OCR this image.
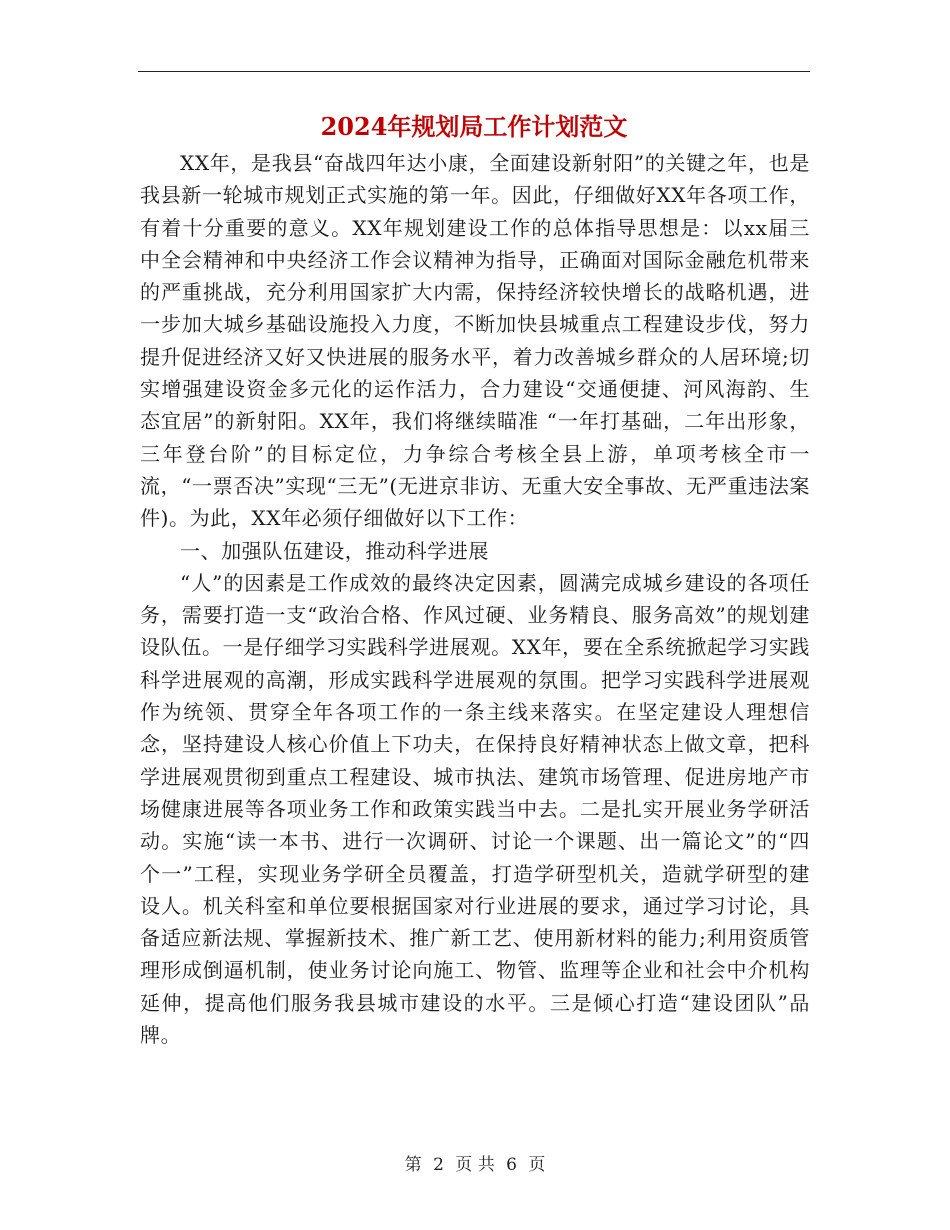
2024年规划局工作计划范文

XX年，是我县“奋战四年达小康，全面建设新射阳”的关键之年，也是我县新一轮城市规划正式实施的第一年。因此，仔细做好XX年各项工作，有着十分重要的意义。XX年规划建设工作的总体指导思想是：以xx届三中全会精神和中央经济工作会议精神为指导，正确面对国际金融危机带来的严重挑战，充分利用国家扩大内需，保持经济较快增长的战略机遇，进一步加大城乡基础设施投入力度，不断加快县城重点工程建设步伐，努力提升促进经济又好又快进展的服务水平，着力改善城乡群众的人居环境;切实增强建设资金多元化的运作活力，合力建设“交通便捷、河风海韵、生态宜居”的新射阳。XX年，我们将继续瞄准 “一年打基础，二年出形象，三年登台阶”的目标定位，力争综合考核全县上游，单项考核全市一流，“一票否决”实现“三无”(无进京非访、无重大安全事故、无严重违法案件)。为此，XX年必须仔细做好以下工作：

一、加强队伍建设，推动科学进展

“人”的因素是工作成效的最终决定因素，圆满完成城乡建设的各项任务，需要打造一支“政治合格、作风过硬、业务精良、服务高效”的规划建设队伍。一是仔细学习实践科学进展观。XX年，要在全系统掀起学习实践科学进展观的高潮，形成实践科学进展观的氛围。把学习实践科学进展观作为统领、贯穿全年各项工作的一条主线来落实。在坚定建设人理想信念，坚持建设人核心价值上下功夫，在保持良好精神状态上做文章，把科学进展观贯彻到重点工程建设、城市执法、建筑市场管理、促进房地产市场健康进展等各项业务工作和政策实践当中去。二是扎实开展业务学研活动。实施“读一本书、进行一次调研、讨论一个课题、出一篇论文”的“四个一”工程，实现业务学研全员覆盖，打造学研型机关，造就学研型的建设人。机关科室和单位要根据国家对行业进展的要求，通过学习讨论，具备适应新法规、掌握新技术、推广新工艺、使用新材料的能力;利用资质管理形成倒逼机制，使业务讨论向施工、物管、监理等企业和社会中介机构延伸，提高他们服务我县城市建设的水平。三是倾心打造“建设团队”品牌。

第 2 页 共 6 页
